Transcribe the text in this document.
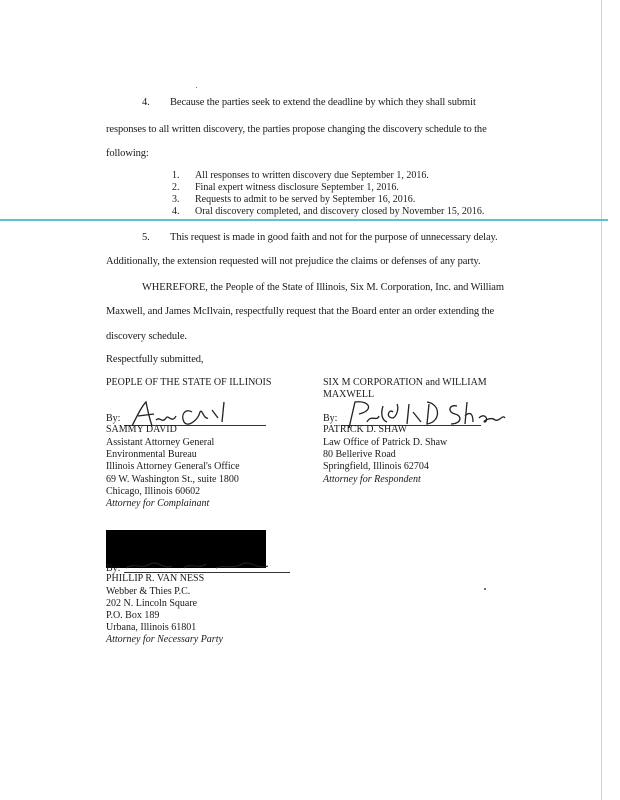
4. Because the parties seek to extend the deadline by which they shall submit
responses to all written discovery, the parties propose changing the discovery schedule to the
following:
1. All responses to written discovery due September 1, 2016.
2. Final expert witness disclosure September 1, 2016.
3. Requests to admit to be served by September 16, 2016.
4. Oral discovery completed, and discovery closed by November 15, 2016.
5. This request is made in good faith and not for the purpose of unnecessary delay.
Additionally, the extension requested will not prejudice the claims or defenses of any party.
WHEREFORE, the People of the State of Illinois, Six M. Corporation, Inc. and William
Maxwell, and James McIlvain, respectfully request that the Board enter an order extending the
discovery schedule.
Respectfully submitted,
PEOPLE OF THE STATE OF ILLINOIS
By:
SAMMY DAVID
Assistant Attorney General
Environmental Bureau
Illinois Attorney General's Office
69 W. Washington St., suite 1800
Chicago, Illinois 60602
Attorney for Complainant
SIX M CORPORATION and WILLIAM
MAXWELL
By:
PATRICK D. SHAW
Law Office of Patrick D. Shaw
80 Bellerive Road
Springfield, Illinois 62704
Attorney for Respondent
By:
PHILLIP R. VAN NESS
Webber & Thies P.C.
202 N. Lincoln Square
P.O. Box 189
Urbana, Illinois 61801
Attorney for Necessary Party
